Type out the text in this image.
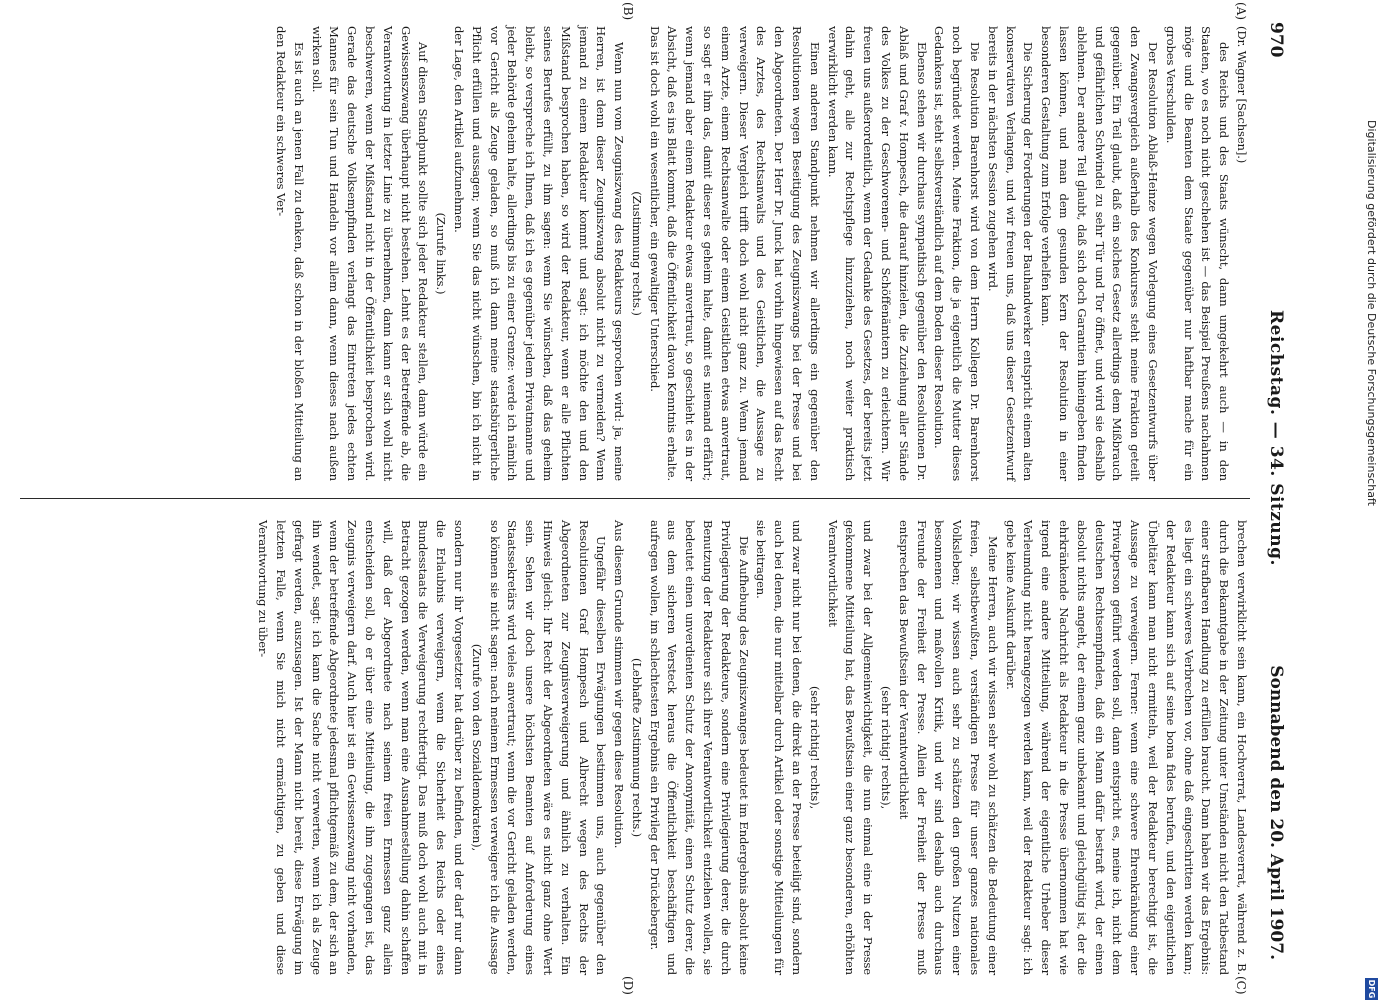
970
Reichstag. — 34. Sitzung.
Sonnabend den 20. April 1907.
(A)
(B)
(C)
(D)

(Dr. Wagner [Sachsen].)

des Reichs und des Staats wünscht, dann umgekehrt auch — in den Staaten, wo es noch nicht geschehen ist — das Beispiel Preußens nachahmen möge und die Beamten dem Staate gegenüber nur haftbar mache für ein grobes Verschulden.

Der Resolution Ablaß-Heinze wegen Vorlegung eines Gesetzentwurfs über den Zwangsvergleich außerhalb des Konkurses steht meine Fraktion geteilt gegenüber. Ein Teil glaubt, daß ein solches Gesetz allerdings dem Mißbrauch und gefährlichen Schwindel zu sehr Tür und Tor öffnet, und wird sie deshalb ablehnen. Der andere Teil glaubt, daß sich doch Garantien hineingeben finden lassen können, und man dem gesunden Kern der Resolution in einer besonderen Gestaltung zum Erfolge verhelfen kann.

Die Sicherung der Forderungen der Bauhandwerker entspricht einem alten konservativen Verlangen, und wir freuen uns, daß uns dieser Gesetzentwurf bereits in der nächsten Session zugehen wird.

Die Resolution Barenhorst wird von dem Herrn Kollegen Dr. Barenhorst noch begründet werden. Meine Fraktion, die ja eigentlich die Mutter dieses Gedankens ist, steht selbstverständlich auf dem Boden dieser Resolution.

Ebenso stehen wir durchaus sympathisch gegenüber den Resolutionen Dr. Ablaß und Graf v. Hompesch, die darauf hinzielen, die Zuziehung aller Stände des Volkes zu der Geschworenen- und Schöffenämtern zu erleichtern. Wir freuen uns außerordentlich, wenn der Gedanke des Gesetzes, der bereits jetzt dahin geht, alle zur Rechtspflege hinzuziehen, noch weiter praktisch verwirklicht werden kann.

Einen anderen Standpunkt nehmen wir allerdings ein gegenüber den Resolutionen wegen Beseitigung des Zeugniszwangs bei der Presse und bei den Abgeordneten. Der Herr Dr. Junck hat vorhin hingewiesen auf das Recht des Arztes, des Rechtsanwalts und des Geistlichen, die Aussage zu verweigern. Dieser Vergleich trifft doch wohl nicht ganz zu. Wenn jemand einem Arzte, einem Rechtsanwalte oder einem Geistlichen etwas anvertraut, so sagt er ihm das, damit dieser es geheim halte, damit es niemand erfährt; wenn jemand aber einem Redakteur etwas anvertraut, so geschieht es in der Absicht, daß es ins Blatt kommt, daß die Öffentlichkeit davon Kenntnis erhalte. Das ist doch wohl ein wesentlicher, ein gewaltiger Unterschied.

(Zustimmung rechts.)

Wenn nun vom Zeugniszwang des Redakteurs gesprochen wird: ja, meine Herren, ist denn dieser Zeugniszwang absolut nicht zu vermeiden? Wenn jemand zu einem Redakteur kommt und sagt: ich möchte den und den Mißstand besprochen haben, so wird der Redakteur, wenn er alle Pflichten seines Berufes erfüllt, zu ihm sagen: wenn Sie wünschen, daß das geheim bleibt, so verspreche ich Ihnen, daß ich es gegenüber jedem Privatmanne und jeder Behörde geheim halte, allerdings bis zu einer Grenze: werde ich nämlich vor Gericht als Zeuge geladen, so muß ich dann meine staatsbürgerliche Pflicht erfüllen und aussagen; wenn Sie das nicht wünschen, bin ich nicht in der Lage, den Artikel aufzunehmen.

(Zurufe links.)

Auf diesen Standpunkt sollte sich jeder Redakteur stellen, dann würde ein Gewissenszwang überhaupt nicht bestehen. Lehnt es der Betreffende ab, die Verantwortung in letzter Linie zu übernehmen, dann kann er sich wohl nicht beschweren, wenn der Mißstand nicht in der Öffentlichkeit besprochen wird. Gerade das deutsche Volksempfinden verlangt das Eintreten jedes echten Mannes für sein Tun und Handeln vor allem dann, wenn dieses nach außen wirken soll.

Es ist auch an jenen Fall zu denken, daß schon in der bloßen Mitteilung an den Redakteur ein schweres Ver-

brechen verwirklicht sein kann, ein Hochverrat, Landesverrat, während z. B. durch die Bekanntgabe in der Zeitung unter Umständen nicht den Tatbestand einer strafbaren Handlung zu erfüllen braucht. Dann haben wir das Ergebnis: es liegt ein schweres Verbrechen vor, ohne daß eingeschritten werden kann; der Redakteur kann sich auf seine bona fides berufen, und den eigentlichen Übeltäter kann man nicht ermitteln, weil der Redakteur berechtigt ist, die Aussage zu verweigern. Ferner: wenn eine schwere Ehrenkränkung einer Privatperson geführt werden soll, dann entspricht es, meine ich, nicht dem deutschen Rechtsempfinden, daß ein Mann dafür bestraft wird, der einen absolut nichts angeht, der einem ganz unbekannt und gleichgültig ist, der die ehrkränkende Nachricht als Redakteur in die Presse übernommen hat wie irgend eine andere Mitteilung, während der eigentliche Urheber dieser Verleumdung nicht herangezogen werden kann, weil der Redakteur sagt: ich gebe keine Auskunft darüber.

Meine Herren, auch wir wissen sehr wohl zu schätzen die Bedeutung einer freien, selbstbewußten, verständigen Presse für unser ganzes nationales Volksleben; wir wissen auch sehr zu schätzen den großen Nutzen einer besonnenen und maßvollen Kritik, und wir sind deshalb auch durchaus Freunde der Freiheit der Presse. Allein der Freiheit der Presse muß entsprechen das Bewußtsein der Verantwortlichkeit

(sehr richtig! rechts),

und zwar bei der Allgemeinwichtigkeit, die nun einmal eine in der Presse gekommene Mitteilung hat, das Bewußtsein einer ganz besonderen, erhöhten Verantwortlichkeit

(sehr richtig! rechts),

und zwar nicht nur bei denen, die direkt an der Presse beteiligt sind, sondern auch bei denen, die nur mittelbar durch Artikel oder sonstige Mitteilungen für sie beitragen.

Die Aufhebung des Zeugniszwanges bedeutet im Endergebnis absolut keine Privilegierung der Redakteure, sondern eine Privilegierung derer, die durch Benutzung der Redakteure sich ihrer Verantwortlichkeit entziehen wollen, sie bedeutet einen unverdienten Schutz der Anonymität, einen Schutz derer, die aus dem sicheren Versteck heraus die Öffentlichkeit beschäftigen und aufregen wollen, im schlechtesten Ergebnis ein Privileg der Drückeberger.

(Lebhafte Zustimmung rechts.)

Aus diesem Grunde stimmen wir gegen diese Resolution.

Ungefähr dieselben Erwägungen bestimmen uns, auch gegenüber den Resolutionen Graf Hompesch und Albrecht wegen des Rechts der Abgeordneten zur Zeugnisverweigerung und ähnlich zu verhalten. Ein Hinweis gleich: Ihr Recht der Abgeordneten wäre es nicht ganz ohne Wert sein. Sehen wir doch unsere höchsten Beamten auf Anforderung eines Staatssekretärs wird vieles anvertraut; wenn die vor Gericht geladen werden, so können sie nicht sagen: nach meinem Ermessen verweigere ich die Aussage

(Zurufe von den Sozialdemokraten),

sondern nur ihr Vorgesetzter hat darüber zu befinden, und der darf nur dann die Erlaubnis verweigern, wenn die Sicherheit des Reichs oder eines Bundesstaats die Verweigerung rechtfertigt. Das muß doch wohl auch mit in Betracht gezogen werden, wenn man eine Ausnahmestellung dahin schaffen will, daß der Abgeordnete nach seinem freien Ermessen ganz allein entscheiden soll, ob er über eine Mitteilung, die ihm zugegangen ist, das Zeugnis verweigern darf. Auch hier ist ein Gewissenszwang nicht vorhanden, wenn der betreffende Abgeordnete jedesmal pflichtgemäß zu dem, der sich an ihn wendet, sagt: ich kann die Sache nicht verwerten, wenn ich als Zeuge gefragt werden, auszusagen. Ist der Mann nicht bereit, diese Erwägung im letzten Falle, wenn Sie mich nicht ermächtigen, zu geben und diese Verantwortung zu über-

Digitalisierung gefördert durch die Deutsche Forschungsgemeinschaft
DFG
